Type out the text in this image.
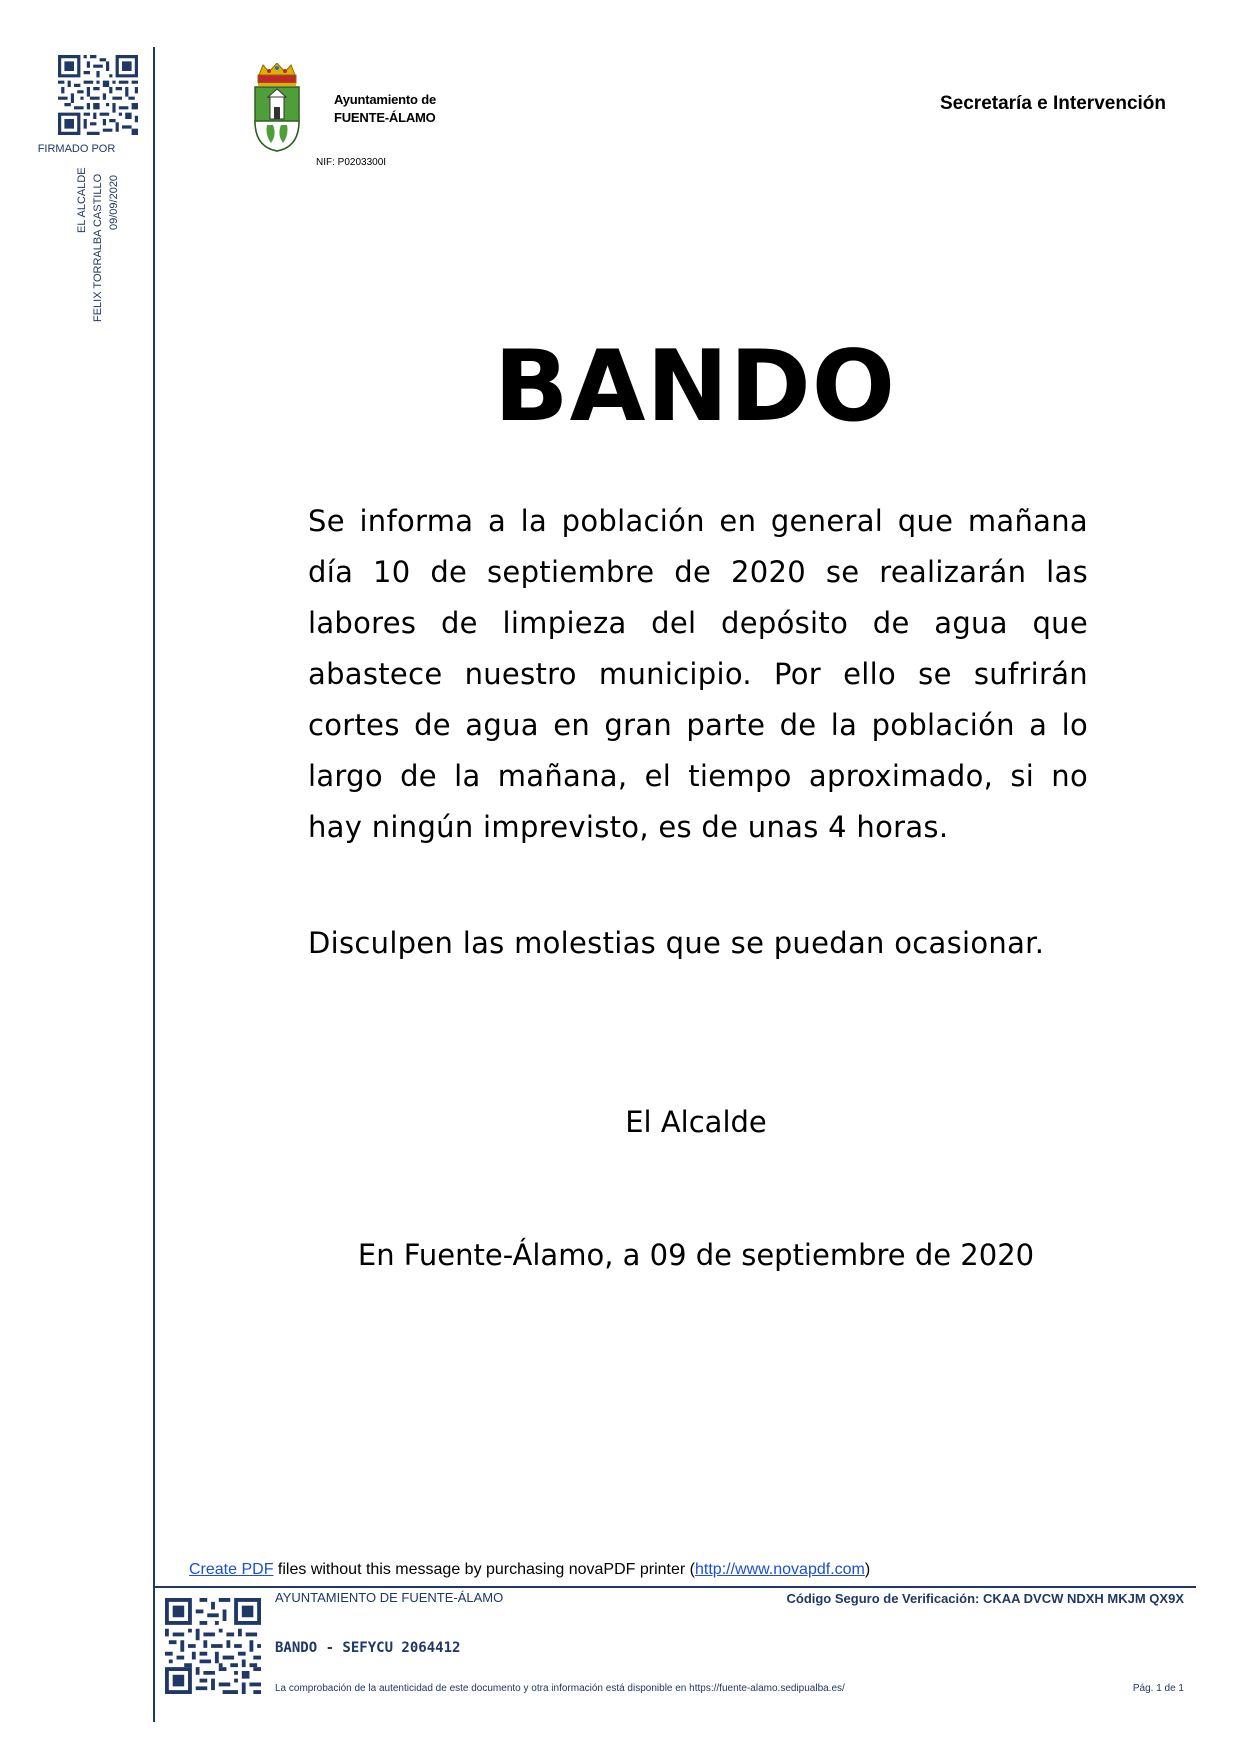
FIRMADO POR
EL ALCALDE FELIX TORRALBA CASTILLO 09/09/2020
Ayuntamiento de
FUENTE-ÁLAMO
NIF: P0203300I
Secretaría e Intervención
BANDO
Se informa a la población en general que mañana día 10 de septiembre de 2020 se realizarán las labores de limpieza del depósito de agua que abastece nuestro municipio. Por ello se sufrirán cortes de agua en gran parte de la población a lo largo de la mañana, el tiempo aproximado, si no hay ningún imprevisto, es de unas 4 horas.
Disculpen las molestias que se puedan ocasionar.
El Alcalde
En Fuente-Álamo, a 09 de septiembre de 2020
Create PDF files without this message by purchasing novaPDF printer (http://www.novapdf.com)
AYUNTAMIENTO DE FUENTE-ÁLAMO	Código Seguro de Verificación: CKAA DVCW NDXH MKJM QX9X
BANDO - SEFYCU 2064412
La comprobación de la autenticidad de este documento y otra información está disponible en https://fuente-alamo.sedipualba.es/	Pág. 1 de 1
